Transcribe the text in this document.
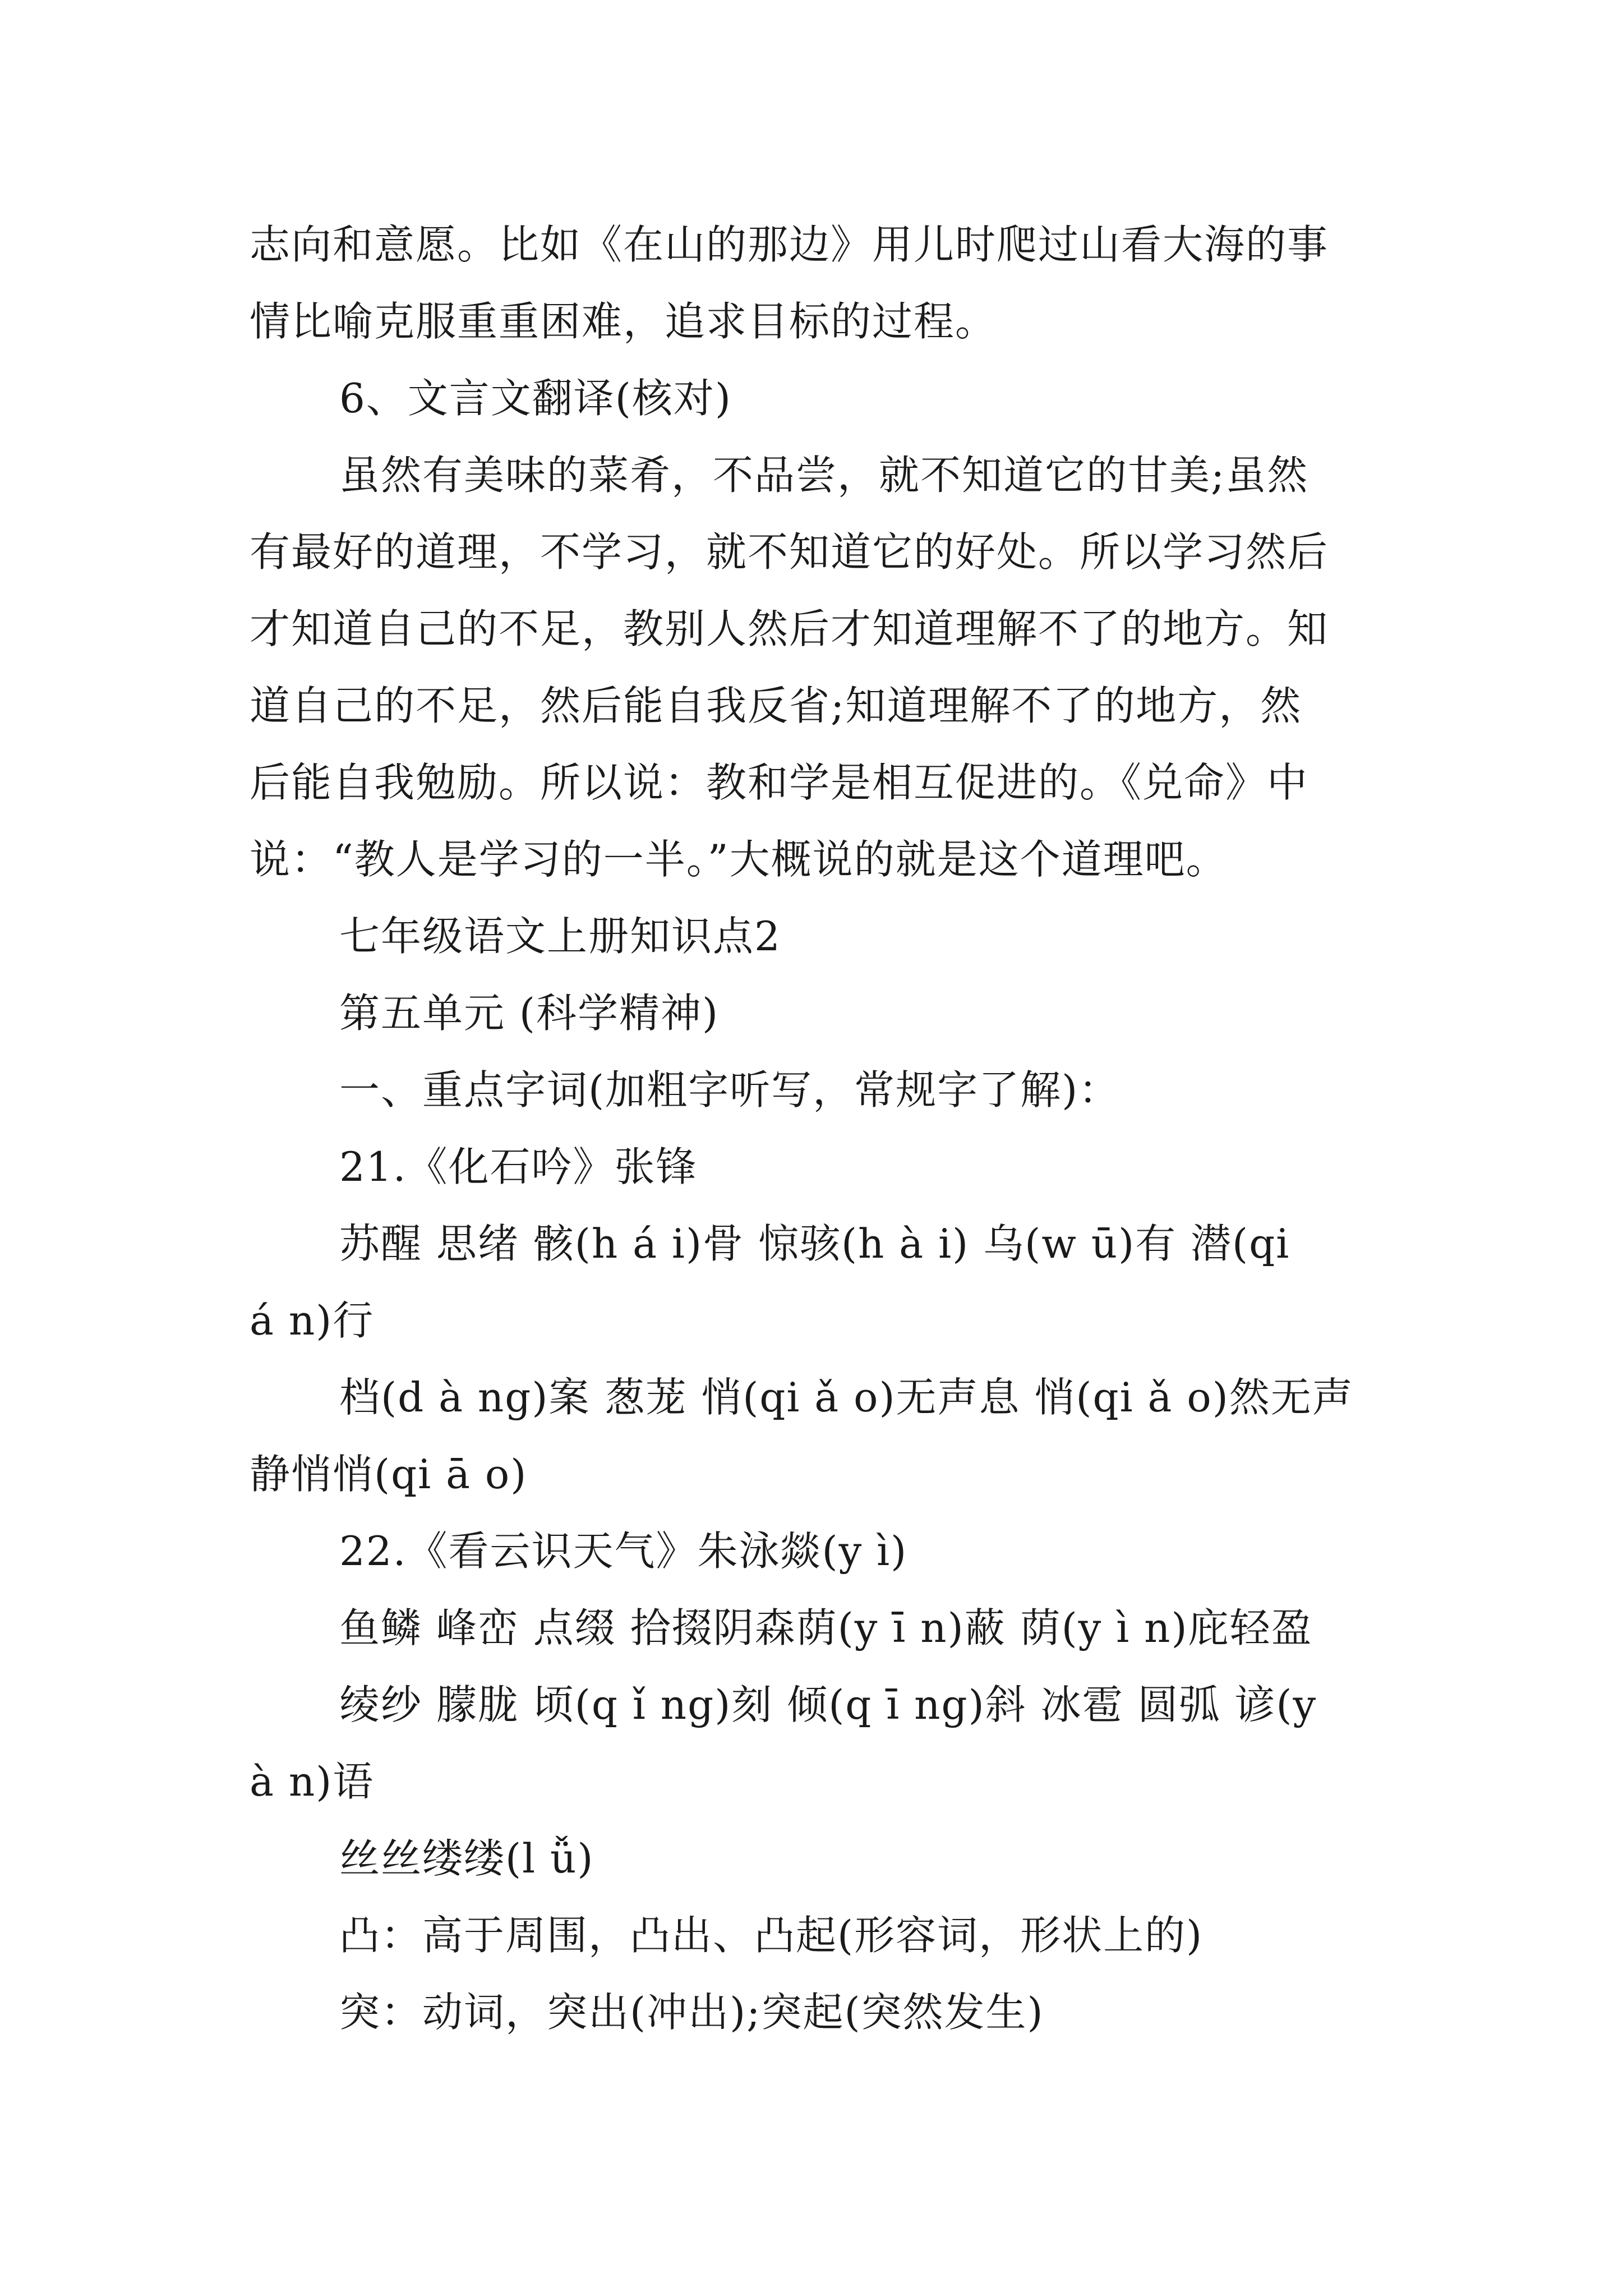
志向和意愿。比如《在山的那边》用儿时爬过山看大海的事
情比喻克服重重困难，追求目标的过程。
6、文言文翻译(核对)
虽然有美味的菜肴，不品尝，就不知道它的甘美;虽然
有最好的道理，不学习，就不知道它的好处。所以学习然后
才知道自己的不足，教别人然后才知道理解不了的地方。知
道自己的不足，然后能自我反省;知道理解不了的地方，然
后能自我勉励。所以说：教和学是相互促进的。《兑命》中
说：“教人是学习的一半。”大概说的就是这个道理吧。
七年级语文上册知识点2
第五单元 (科学精神)
一、重点字词(加粗字听写，常规字了解)：
21.《化石吟》张锋
苏醒 思绪 骸(h á i)骨 惊骇(h à i) 乌(w ū)有 潜(qi
á n)行
档(d à ng)案 葱茏 悄(qi ǎ o)无声息 悄(qi ǎ o)然无声
静悄悄(qi ā o)
22.《看云识天气》朱泳燚(y ì)
鱼鳞 峰峦 点缀 拾掇阴森荫(y ī n)蔽 荫(y ì n)庇轻盈
绫纱 朦胧 顷(q ǐ ng)刻 倾(q ī ng)斜 冰雹 圆弧 谚(y
à n)语
丝丝缕缕(l ǚ)
凸：高于周围，凸出、凸起(形容词，形状上的)
突：动词，突出(冲出);突起(突然发生)
